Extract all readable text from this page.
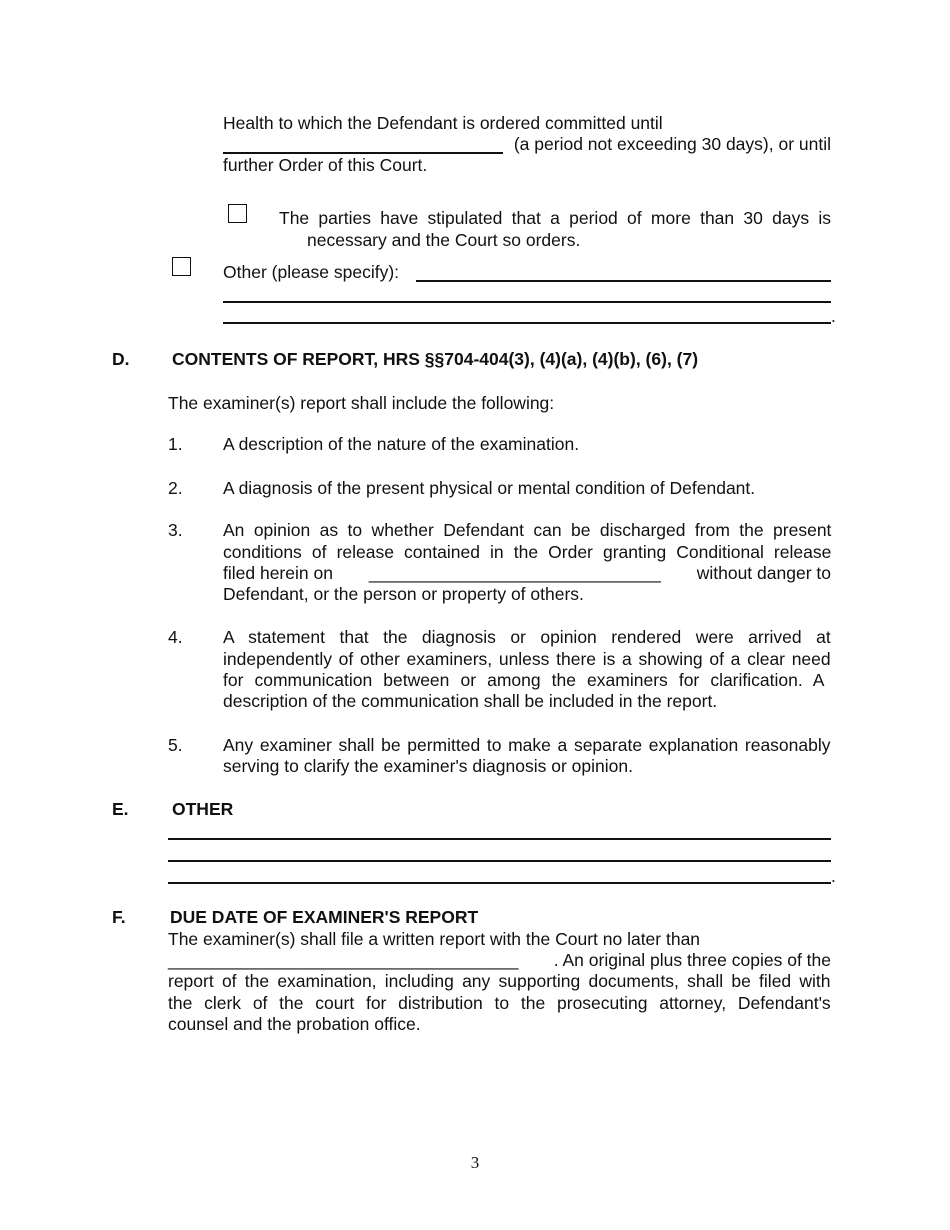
Health to which the Defendant is ordered committed until
(a period not exceeding 30 days), or until
further Order of this Court.
The parties have stipulated that a period of more than 30 days is
necessary and the Court so orders.
Other (please specify):
.
D. CONTENTS OF REPORT, HRS §§704-404(3), (4)(a), (4)(b), (6), (7)
The examiner(s) report shall include the following:
1. A description of the nature of the examination.
2. A diagnosis of the present physical or mental condition of Defendant.
3. An opinion as to whether Defendant can be discharged from the present
conditions of release contained in the Order granting Conditional release
filed herein on ______________________________ without danger to
Defendant, or the person or property of others.
4. A statement that the diagnosis or opinion rendered were arrived at
independently of other examiners, unless there is a showing of a clear need
for communication between or among the examiners for clarification. A
description of the communication shall be included in the report.
5. Any examiner shall be permitted to make a separate explanation reasonably
serving to clarify the examiner's diagnosis or opinion.
E. OTHER
.
F.	DUE DATE OF EXAMINER'S REPORT
The examiner(s) shall file a written report with the Court no later than
____________________________________ . An original plus three copies of the
report of the examination, including any supporting documents, shall be filed with
the clerk of the court for distribution to the prosecuting attorney, Defendant's
counsel and the probation office.
3
